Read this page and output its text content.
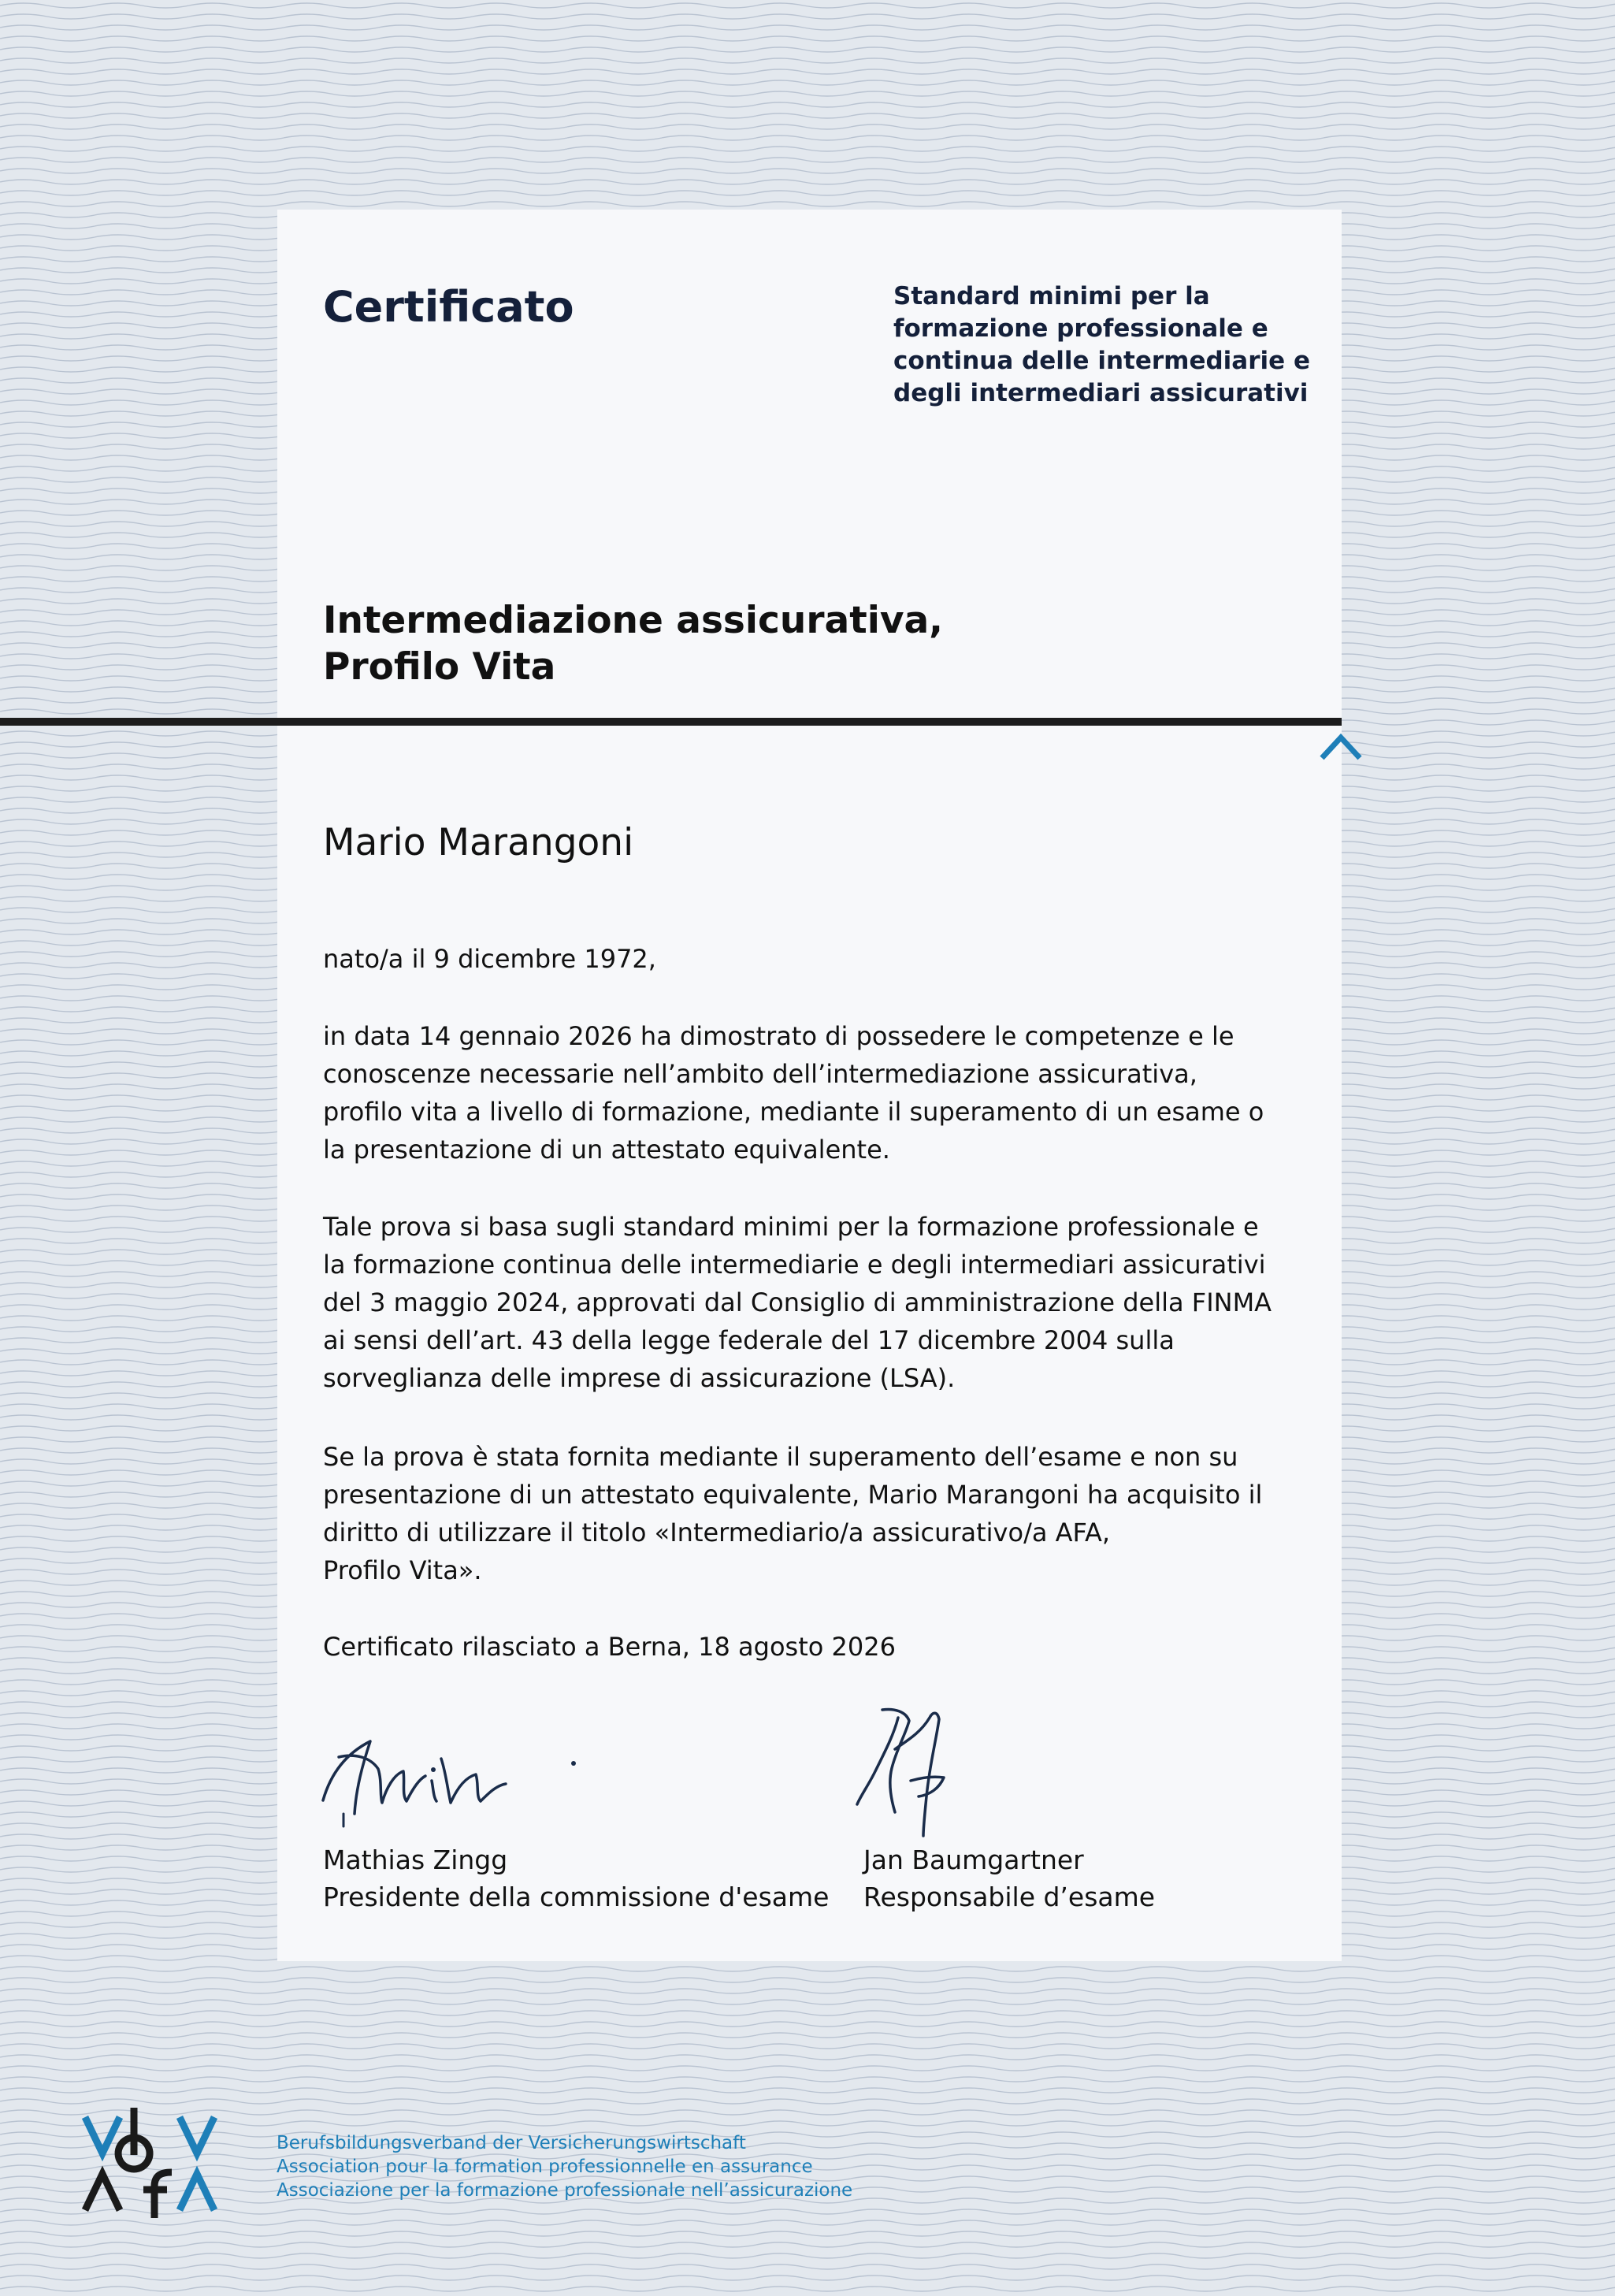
Certificato	Standard minimi per la
formazione professionale e
continua delle intermediarie e
degli intermediari assicurativi
Intermediazione assicurativa,
Profilo Vita
Mario Marangoni
nato/a il 9 dicembre 1972,
in data 14 gennaio 2026 ha dimostrato di possedere le competenze e le
conoscenze necessarie nell’ambito dell’intermediazione assicurativa,
profilo vita a livello di formazione, mediante il superamento di un esame o
la presentazione di un attestato equivalente.
Tale prova si basa sugli standard minimi per la formazione professionale e
la formazione continua delle intermediarie e degli intermediari assicurativi
del 3 maggio 2024, approvati dal Consiglio di amministrazione della FINMA
ai sensi dell’art. 43 della legge federale del 17 dicembre 2004 sulla
sorveglianza delle imprese di assicurazione (LSA).
Se la prova è stata fornita mediante il superamento dell’esame e non su
presentazione di un attestato equivalente, Mario Marangoni ha acquisito il
diritto di utilizzare il titolo «Intermediario/a assicurativo/a AFA,
Profilo Vita».
Certificato rilasciato a Berna, 18 agosto 2026
Mathias Zingg
Presidente della commissione d'esame
Jan Baumgartner
Responsabile d’esame
Berufsbildungsverband der Versicherungswirtschaft
Association pour la formation professionnelle en assurance
Associazione per la formazione professionale nell’assicurazione
